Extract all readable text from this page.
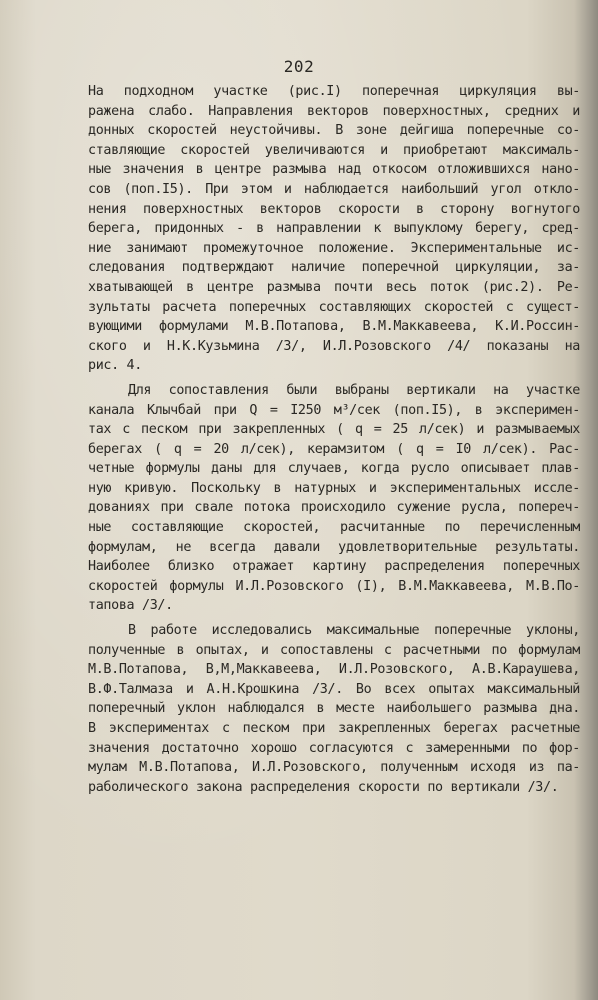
202
На подходном участке (рис.I) поперечная циркуляция вы-
ражена слабо. Направления векторов поверхностных, средних и
донных скоростей неустойчивы. В зоне дейгиша поперечные со-
ставляющие скоростей увеличиваются и приобретают максималь-
ные значения в центре размыва над откосом отложившихся нано-
сов (поп.I5). При этом и наблюдается наибольший угол откло-
нения поверхностных векторов скорости в сторону вогнутого
берега, придонных - в направлении к выпуклому берегу, сред-
ние занимают промежуточное положение. Экспериментальные ис-
следования подтверждают наличие поперечной циркуляции, за-
хватывающей в центре размыва почти весь поток (рис.2). Ре-
зультаты расчета поперечных составляющих скоростей с сущест-
вующими формулами М.В.Потапова, В.М.Маккавеева, К.И.Россин-
ского и Н.К.Кузьмина /3/, И.Л.Розовского /4/ показаны на
рис. 4.
Для сопоставления были выбраны вертикали на участке
канала Клычбай при Q = I250 м³/сек (поп.I5), в эксперимен-
тах с песком при закрепленных ( q = 25 л/сек) и размываемых
берегах ( q = 20 л/сек), керамзитом ( q = I0 л/сек). Рас-
четные формулы даны для случаев, когда русло описывает плав-
ную кривую. Поскольку в натурных и экспериментальных иссле-
дованиях при свале потока происходило сужение русла, попереч-
ные составляющие скоростей, расчитанные по перечисленным
формулам, не всегда давали удовлетворительные результаты.
Наиболее близко отражает картину распределения поперечных
скоростей формулы И.Л.Розовского (I), В.М.Маккавеева, М.В.По-
тапова /3/.
В работе исследовались максимальные поперечные уклоны,
полученные в опытах, и сопоставлены с расчетными по формулам
М.В.Потапова, В,М,Маккавеева, И.Л.Розовского, А.В.Караушева,
В.Ф.Талмаза и А.Н.Крошкина /3/. Во всех опытах максимальный
поперечный уклон наблюдался в месте наибольшего размыва дна.
В экспериментах с песком при закрепленных берегах расчетные
значения достаточно хорошо согласуются с замеренными по фор-
мулам М.В.Потапова, И.Л.Розовского, полученным исходя из па-
раболического закона распределения скорости по вертикали /3/.
